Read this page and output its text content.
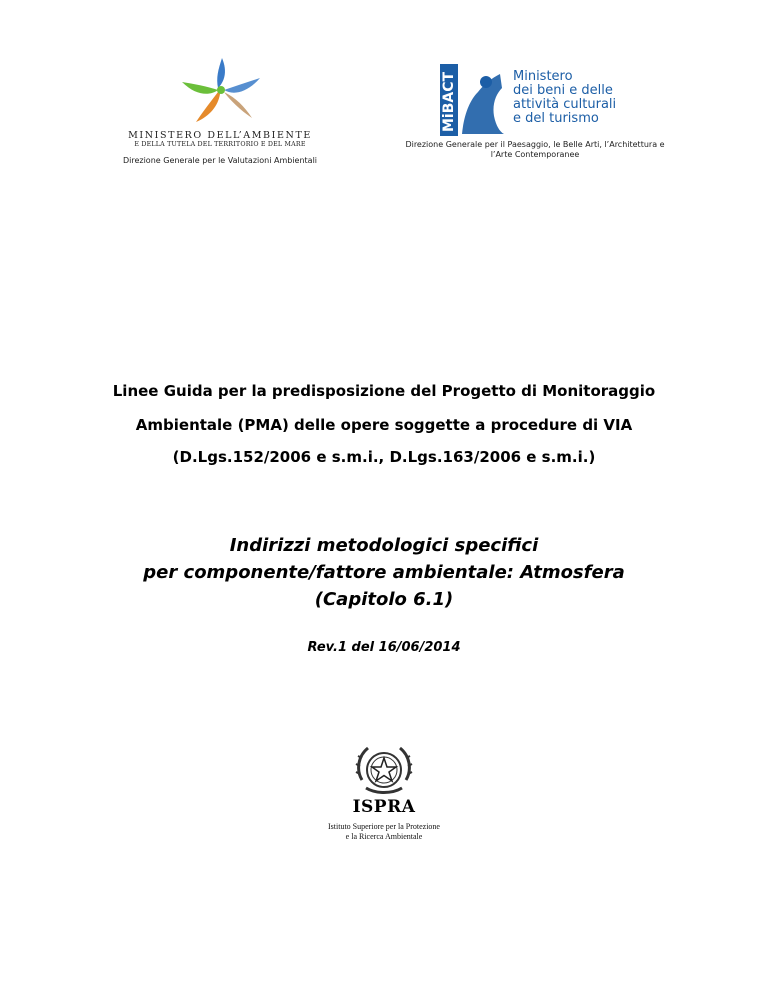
MINISTERO DELL’AMBIENTE
E DELLA TUTELA DEL TERRITORIO E DEL MARE
Direzione Generale per le Valutazioni Ambientali
MiBACT	Ministero
dei beni e delle
attività culturali
e del turismo
Direzione Generale per il Paesaggio, le Belle Arti, l’Architettura e
l’Arte Contemporanee
Linee Guida per la predisposizione del Progetto di Monitoraggio
Ambientale (PMA) delle opere soggette a procedure di VIA
(D.Lgs.152/2006 e s.m.i., D.Lgs.163/2006 e s.m.i.)
Indirizzi metodologici specifici
per componente/fattore ambientale: Atmosfera
(Capitolo 6.1)
Rev.1 del 16/06/2014
ISPRA
Istituto Superiore per la Protezione
e la Ricerca Ambientale
